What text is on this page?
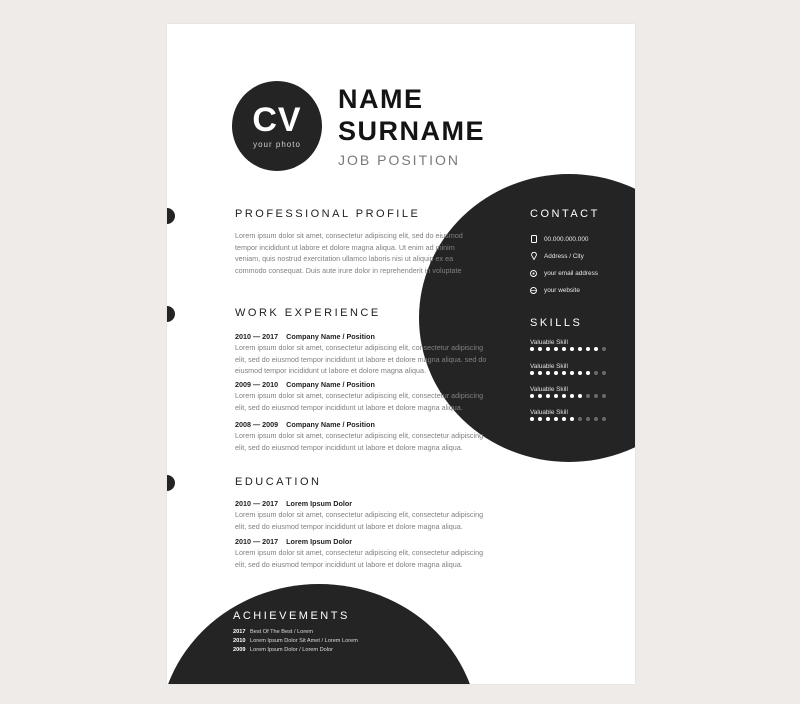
CV
your photo
NAME
SURNAME
JOB POSITION
PROFESSIONAL PROFILE

Lorem ipsum dolor sit amet, consectetur adipiscing elit, sed do eiusmod
tempor incididunt ut labore et dolore magna aliqua. Ut enim ad minim
veniam, quis nostrud exercitation ullamco laboris nisi ut aliquip ex ea
commodo consequat. Duis aute irure dolor in reprehenderit in voluptate

WORK EXPERIENCE
2010 — 2017 Company Name / Position

Lorem ipsum dolor sit amet, consectetur adipiscing elit, consectetur adipiscing
elit, sed do eiusmod tempor incididunt ut labore et dolore magna aliqua. sed do
eiusmod tempor incididunt ut labore et dolore magna aliqua.

2009 — 2010 Company Name / Position

Lorem ipsum dolor sit amet, consectetur adipiscing elit, consectetur adipiscing
elit, sed do eiusmod tempor incididunt ut labore et dolore magna aliqua.

2008 — 2009 Company Name / Position

Lorem ipsum dolor sit amet, consectetur adipiscing elit, consectetur adipiscing
elit, sed do eiusmod tempor incididunt ut labore et dolore magna aliqua.

EDUCATION
2010 — 2017 Lorem Ipsum Dolor

Lorem ipsum dolor sit amet, consectetur adipiscing elit, consectetur adipiscing
elit, sed do eiusmod tempor incididunt ut labore et dolore magna aliqua.

2010 — 2017 Lorem Ipsum Dolor

Lorem ipsum dolor sit amet, consectetur adipiscing elit, consectetur adipiscing
elit, sed do eiusmod tempor incididunt ut labore et dolore magna aliqua.

CONTACT
00.000.000.000
Address / City
your email address
your website
SKILLS
Valuable Skill
Valuable Skill
Valuable Skill
Valuable Skill
ACHIEVEMENTS
2017 Best Of The Best / Lorem
2010 Lorem Ipsum Dolor Sit Amet / Lorem Lorem
2009 Lorem Ipsum Dolor / Lorem Dolor
